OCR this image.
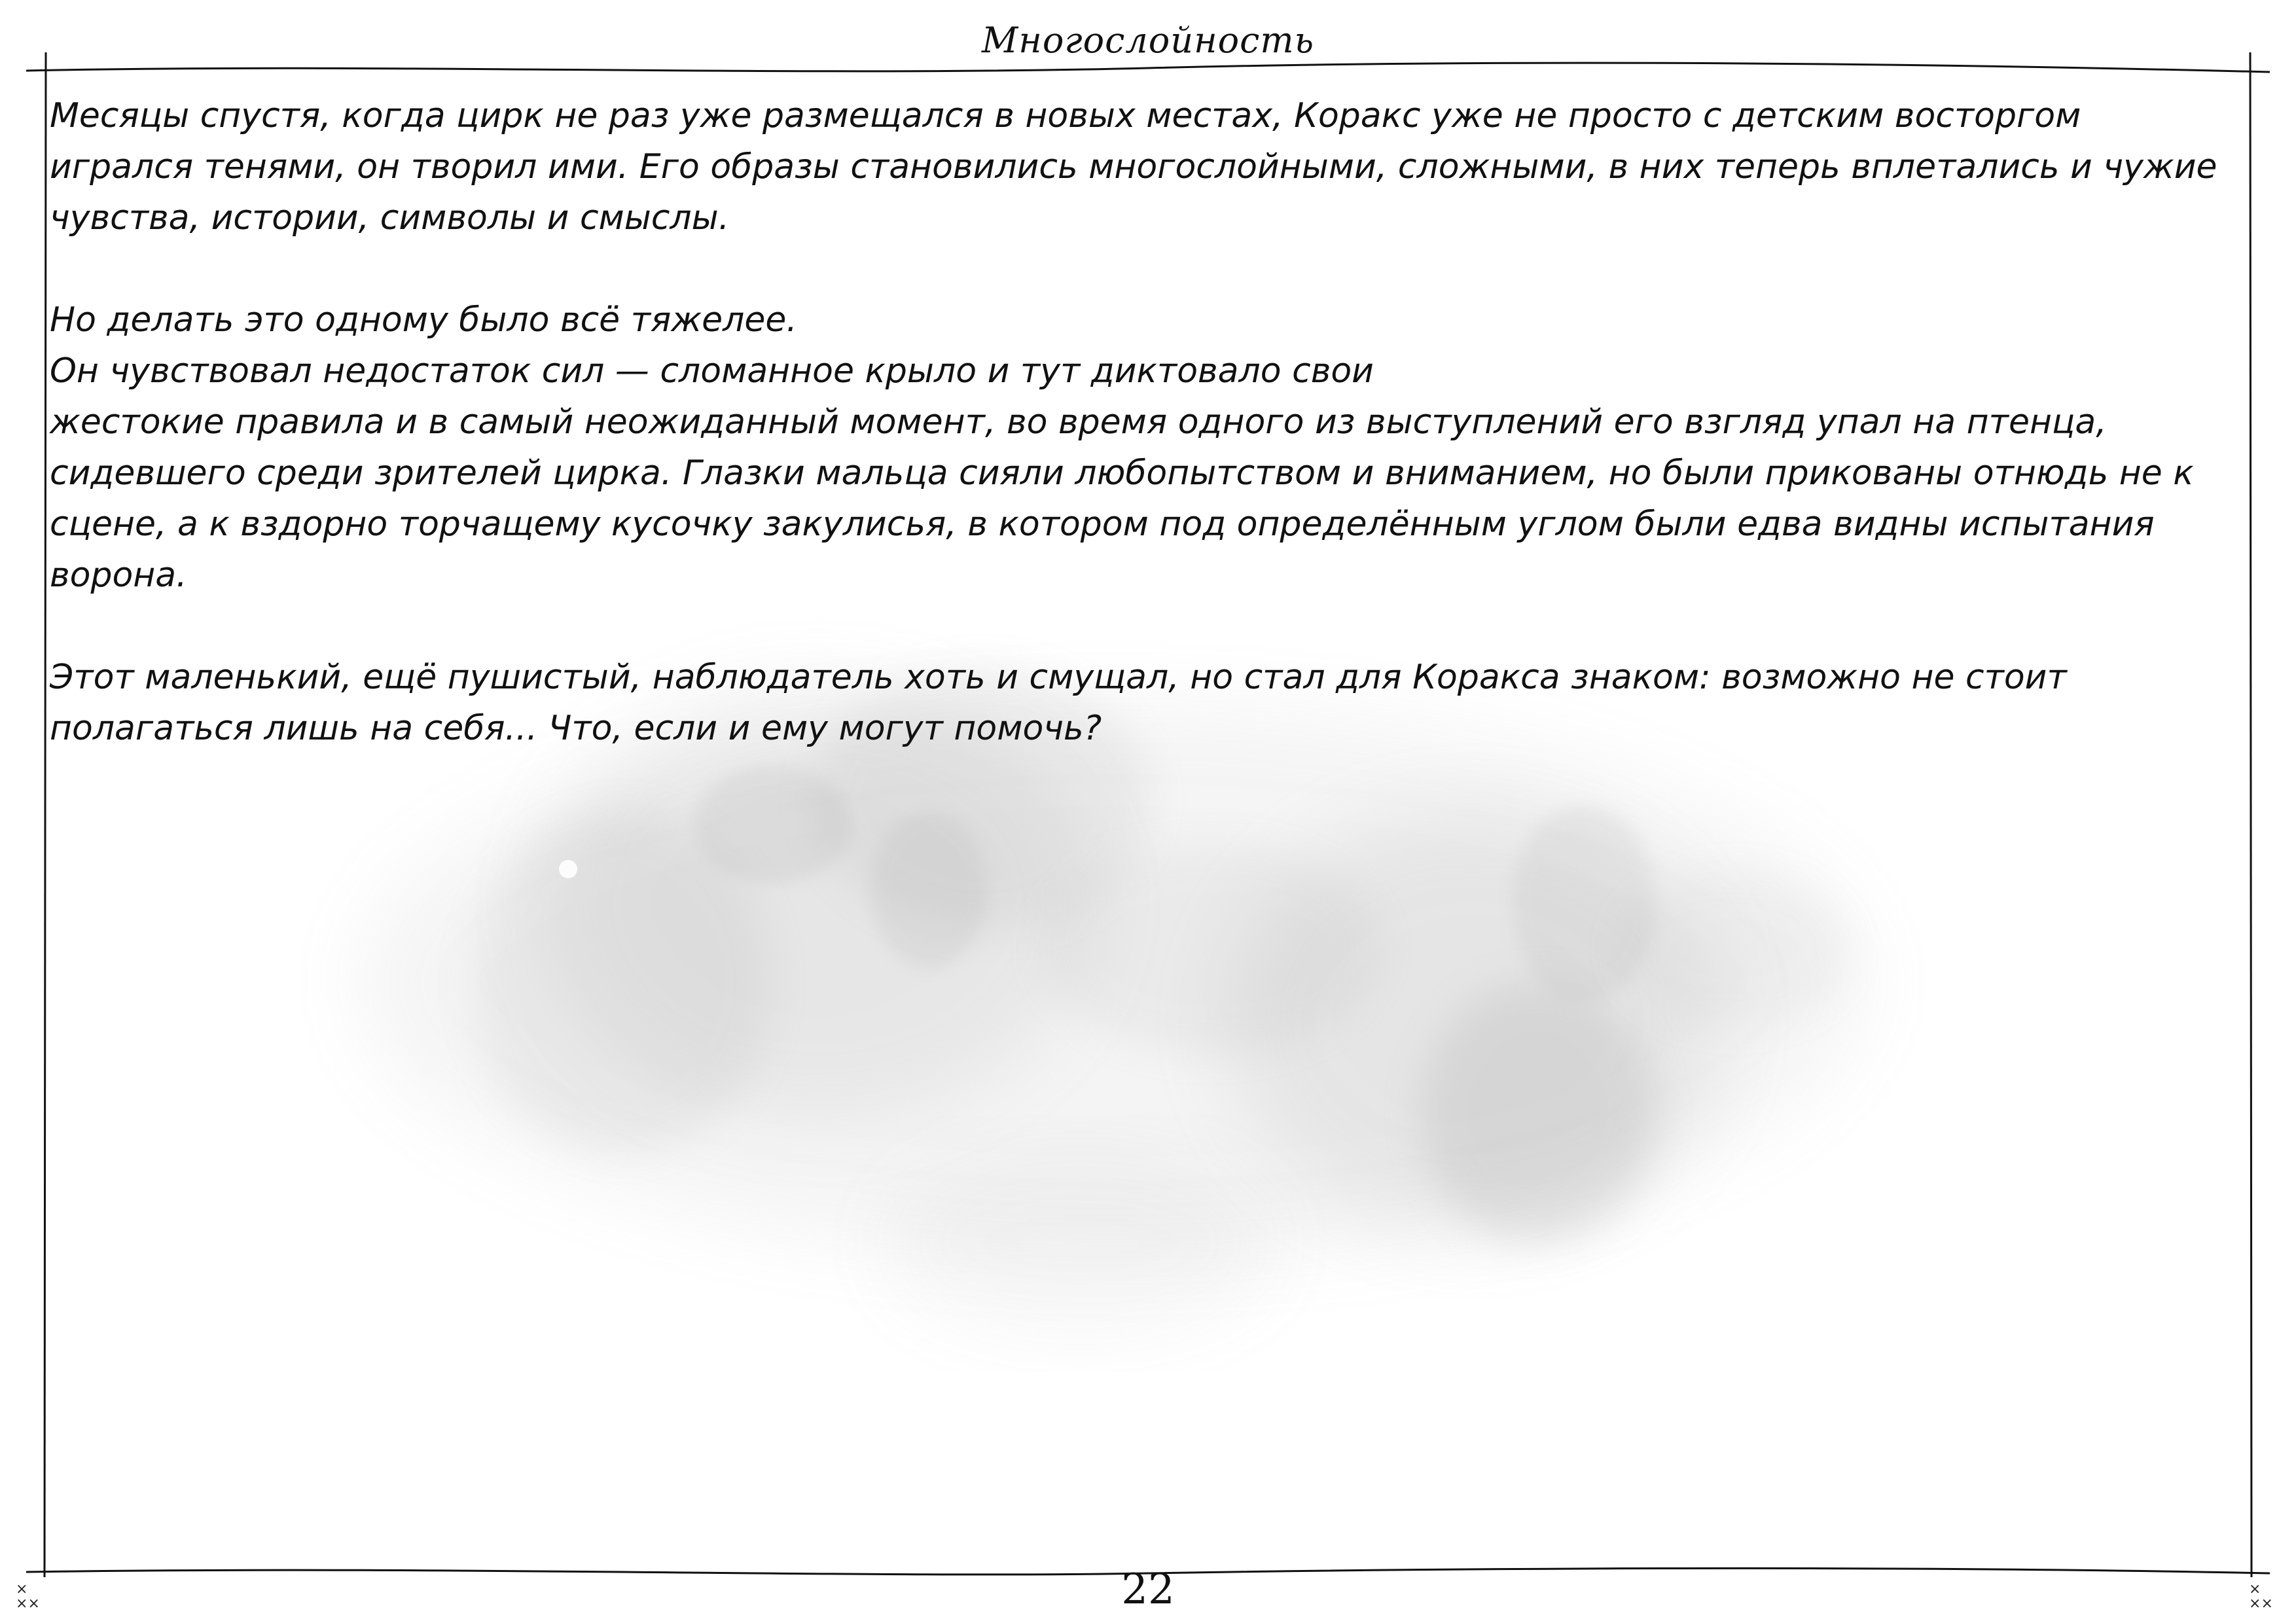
×
××
×
××
Многослойность

Месяцы спустя, когда цирк не раз уже размещался в новых местах, Коракс уже не просто с детским восторгом
игрался тенями, он творил ими. Его образы становились многослойными, сложными, в них теперь вплетались и чужие
чувства, истории, символы и смыслы.

Но делать это одному было всё тяжелее.
Он чувствовал недостаток сил — сломанное крыло и тут диктовало свои
жестокие правила и в самый неожиданный момент, во время одного из выступлений его взгляд упал на птенца,
сидевшего среди зрителей цирка. Глазки мальца сияли любопытством и вниманием, но были прикованы отнюдь не к
сцене, а к вздорно торчащему кусочку закулисья, в котором под определённым углом были едва видны испытания
ворона.

Этот маленький, ещё пушистый, наблюдатель хоть и смущал, но стал для Коракса знаком: возможно не стоит
полагаться лишь на себя... Что, если и ему могут помочь?

22
